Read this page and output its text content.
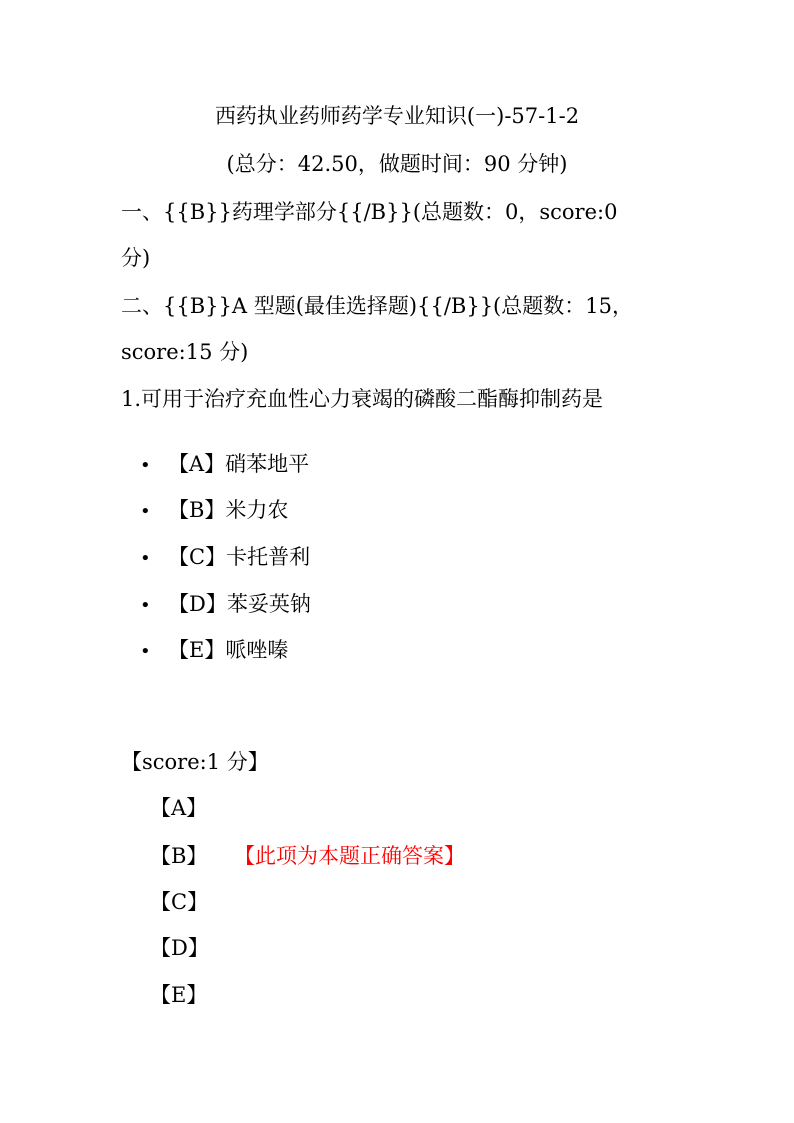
西药执业药师药学专业知识(一)-57-1-2
(总分：42.50，做题时间：90 分钟)
一、{{B}}药理学部分{{/B}}(总题数：0，score:0
分)
二、{{B}}A 型题(最佳选择题){{/B}}(总题数：15，
score:15 分)
1.可用于治疗充血性心力衰竭的磷酸二酯酶抑制药是
• 【A】硝苯地平
• 【B】米力农
• 【C】卡托普利
• 【D】苯妥英钠
• 【E】哌唑嗪
【score:1 分】
【A】
【B】 【此项为本题正确答案】
【C】
【D】
【E】
